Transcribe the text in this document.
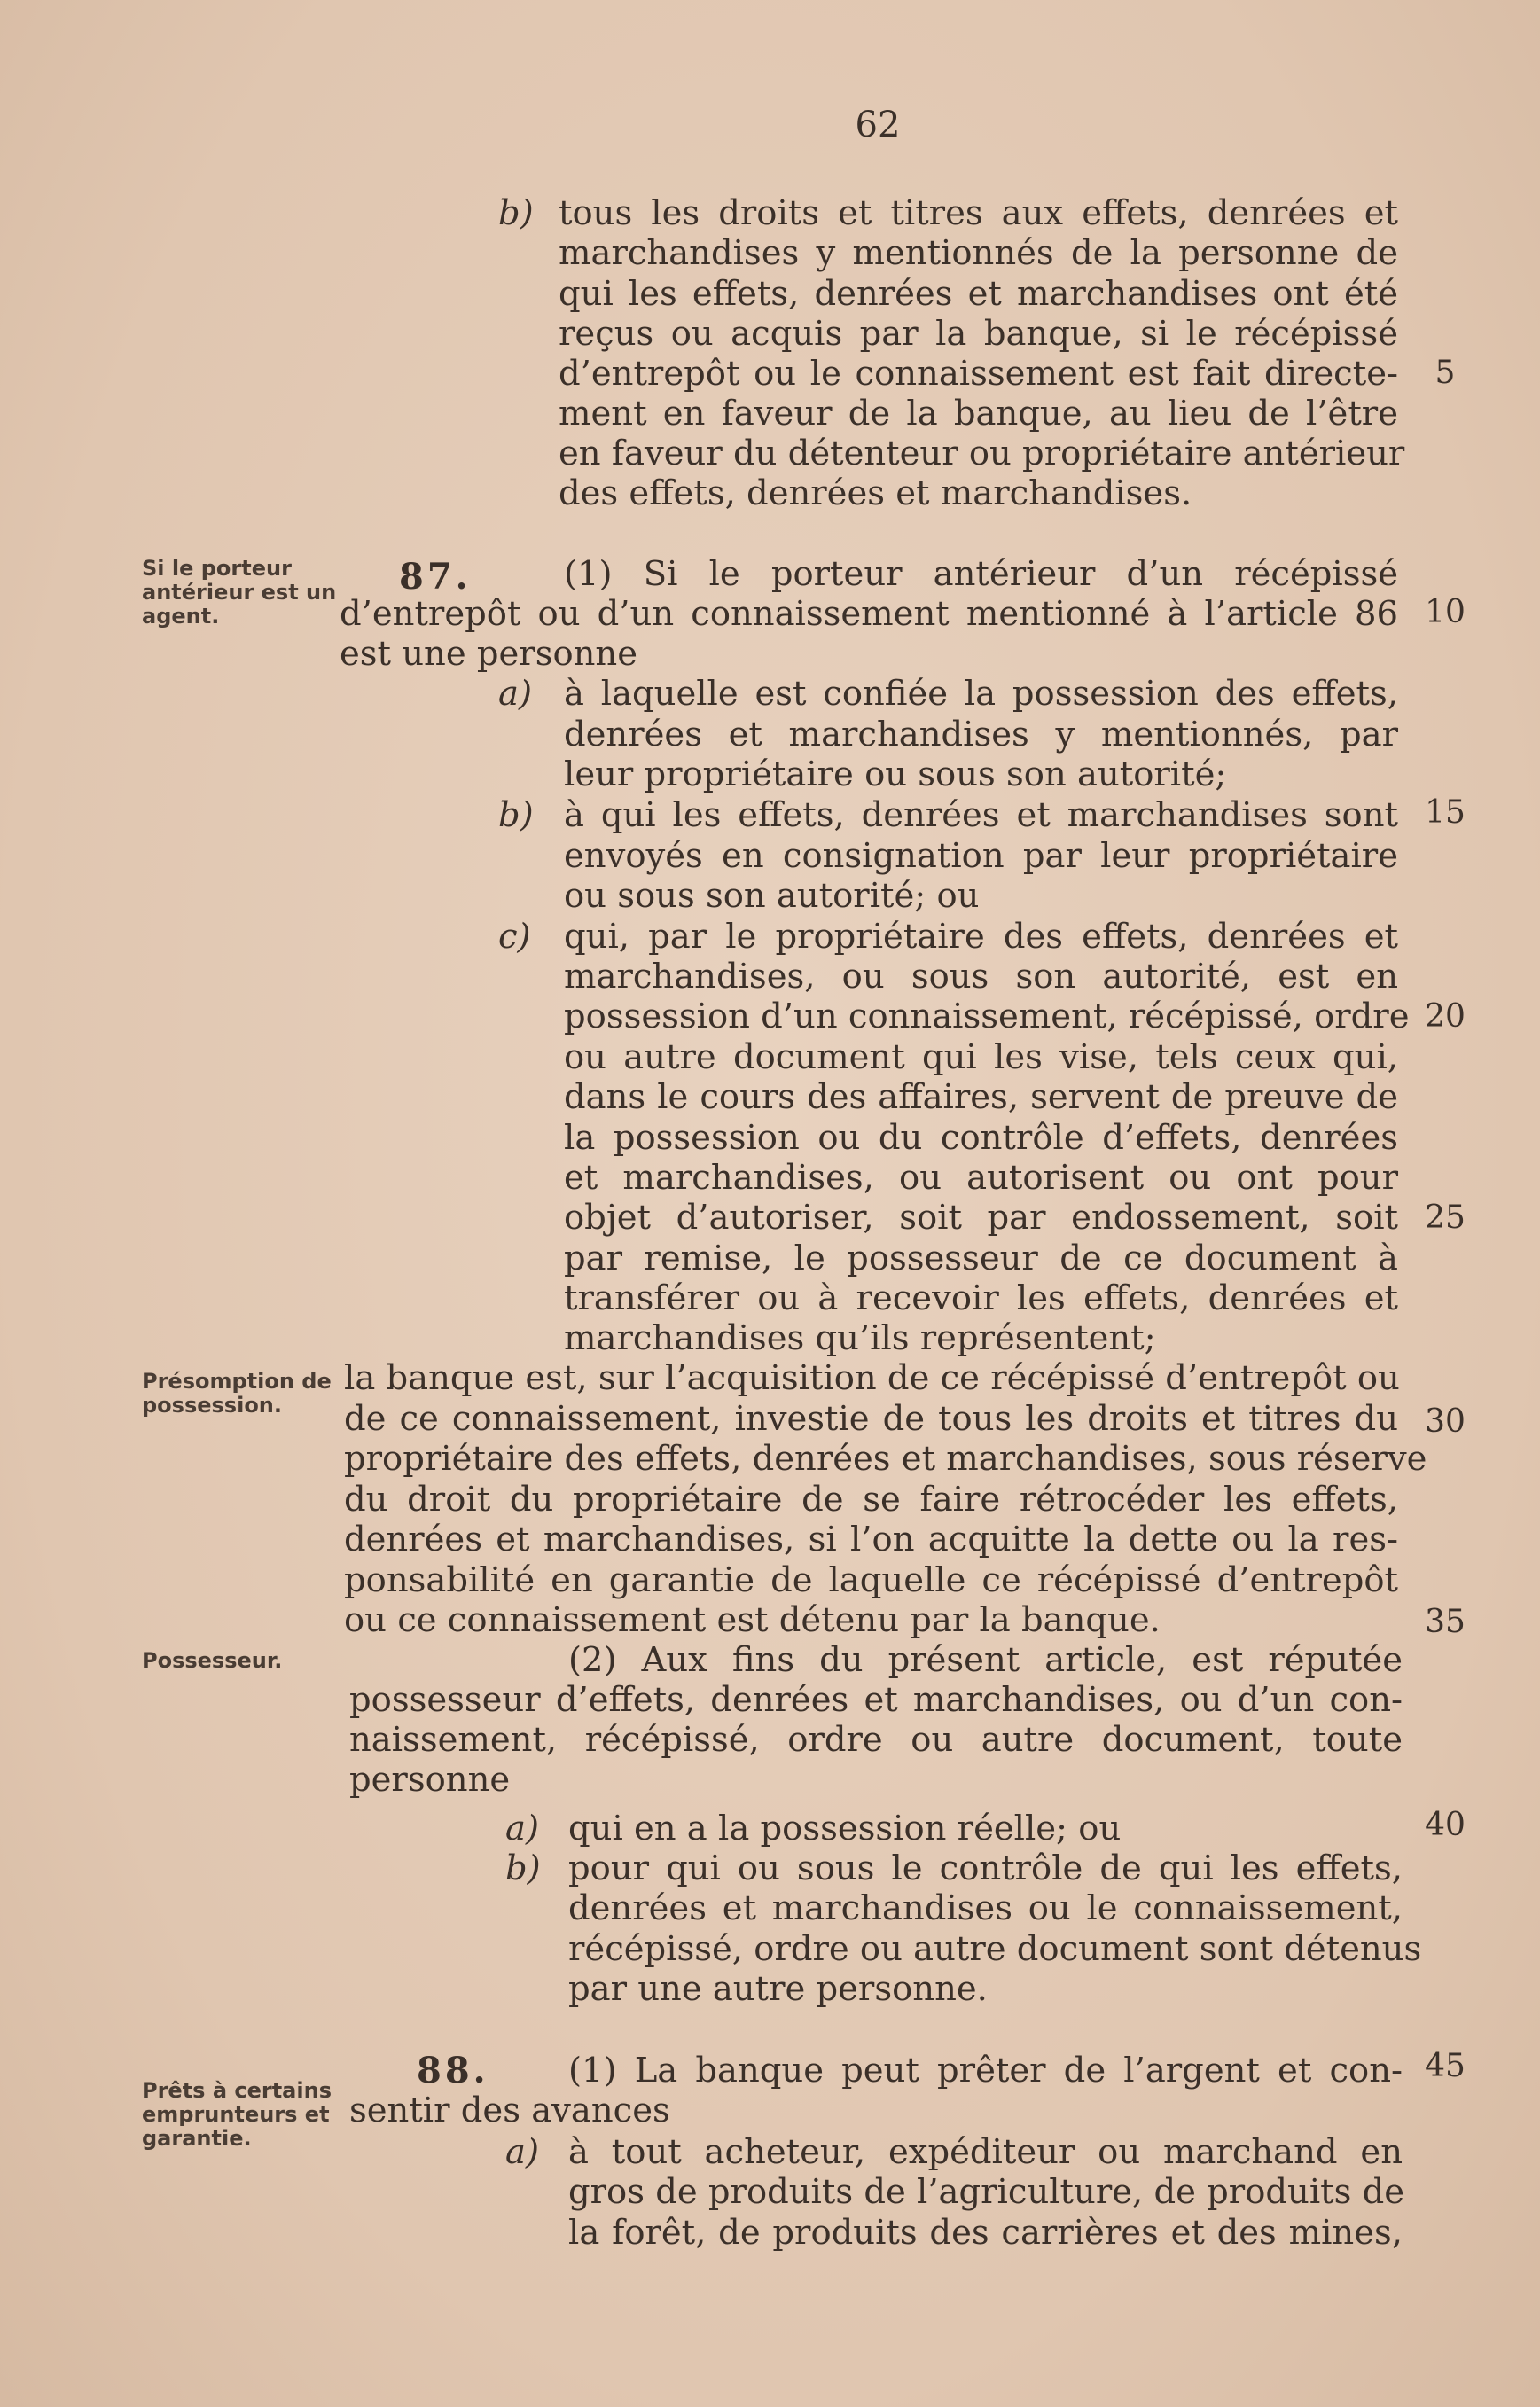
62
Si le porteur antérieur est un agent.
Présomption de possession.
Possesseur.
Prêts à certains emprunteurs et garantie.
87.
88.
5
10
15
20
25
30
35
40
45
b)
a)
b)
c)
a)
b)
a)
tous les droits et titres aux effets, denrées et
marchandises y mentionnés de la personne de
qui les effets, denrées et marchandises ont été
reçus ou acquis par la banque, si le récépissé
d’entrepôt ou le connaissement est fait directe-
ment en faveur de la banque, au lieu de l’être
en faveur du détenteur ou propriétaire antérieur
des effets, denrées et marchandises.
(1) Si le porteur antérieur d’un récépissé
d’entrepôt ou d’un connaissement mentionné à l’article 86
est une personne
à laquelle est confiée la possession des effets,
denrées et marchandises y mentionnés, par
leur propriétaire ou sous son autorité;
à qui les effets, denrées et marchandises sont
envoyés en consignation par leur propriétaire
ou sous son autorité; ou
qui, par le propriétaire des effets, denrées et
marchandises, ou sous son autorité, est en
possession d’un connaissement, récépissé, ordre
ou autre document qui les vise, tels ceux qui,
dans le cours des affaires, servent de preuve de
la possession ou du contrôle d’effets, denrées
et marchandises, ou autorisent ou ont pour
objet d’autoriser, soit par endossement, soit
par remise, le possesseur de ce document à
transférer ou à recevoir les effets, denrées et
marchandises qu’ils représentent;
la banque est, sur l’acquisition de ce récépissé d’entrepôt ou
de ce connaissement, investie de tous les droits et titres du
propriétaire des effets, denrées et marchandises, sous réserve
du droit du propriétaire de se faire rétrocéder les effets,
denrées et marchandises, si l’on acquitte la dette ou la res-
ponsabilité en garantie de laquelle ce récépissé d’entrepôt
ou ce connaissement est détenu par la banque.
(2) Aux fins du présent article, est réputée
possesseur d’effets, denrées et marchandises, ou d’un con-
naissement, récépissé, ordre ou autre document, toute
personne
qui en a la possession réelle; ou
pour qui ou sous le contrôle de qui les effets,
denrées et marchandises ou le connaissement,
récépissé, ordre ou autre document sont détenus
par une autre personne.
(1) La banque peut prêter de l’argent et con-
sentir des avances
à tout acheteur, expéditeur ou marchand en
gros de produits de l’agriculture, de produits de
la forêt, de produits des carrières et des mines,
